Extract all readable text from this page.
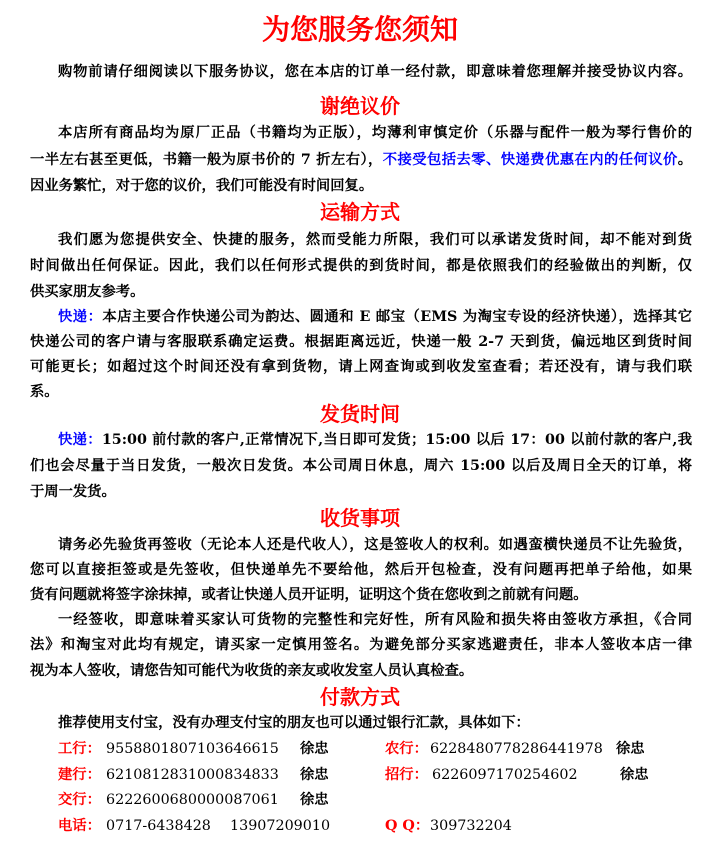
为您服务您须知
购物前请仔细阅读以下服务协议，您在本店的订单一经付款，即意味着您理解并接受协议内容。
谢绝议价
本店所有商品均为原厂正品（书籍均为正版），均薄利审慎定价（乐器与配件一般为琴行售价的
一半左右甚至更低，书籍一般为原书价的 7 折左右），不接受包括去零、快递费优惠在内的任何议价。
因业务繁忙，对于您的议价，我们可能没有时间回复。
运输方式
我们愿为您提供安全、快捷的服务，然而受能力所限，我们可以承诺发货时间，却不能对到货
时间做出任何保证。因此，我们以任何形式提供的到货时间，都是依照我们的经验做出的判断，仅
供买家朋友参考。
快递：本店主要合作快递公司为韵达、圆通和 E 邮宝（EMS 为淘宝专设的经济快递），选择其它
快递公司的客户请与客服联系确定运费。根据距离远近，快递一般 2-7 天到货，偏远地区到货时间
可能更长；如超过这个时间还没有拿到货物，请上网查询或到收发室查看；若还没有，请与我们联
系。
发货时间
快递：15:00 前付款的客户,正常情况下,当日即可发货；15:00 以后 17：00 以前付款的客户,我
们也会尽量于当日发货，一般次日发货。本公司周日休息，周六 15:00 以后及周日全天的订单，将
于周一发货。
收货事项
请务必先验货再签收（无论本人还是代收人），这是签收人的权利。如遇蛮横快递员不让先验货，
您可以直接拒签或是先签收，但快递单先不要给他，然后开包检查，没有问题再把单子给他，如果
货有问题就将签字涂抹掉，或者让快递人员开证明，证明这个货在您收到之前就有问题。
一经签收，即意味着买家认可货物的完整性和完好性，所有风险和损失将由签收方承担，《合同
法》和淘宝对此均有规定，请买家一定慎用签名。为避免部分买家逃避责任，非本人签收本店一律
视为本人签收，请您告知可能代为收货的亲友或收发室人员认真检查。
付款方式
推荐使用支付宝，没有办理支付宝的朋友也可以通过银行汇款，具体如下：
工行： 9558801807103646615 徐忠	农行： 6228480778286441978 徐忠
建行： 6210812831000834833 徐忠	招行： 6226097170254602	徐忠
交行： 6222600680000087061 徐忠
电话： 0717-6438428 13907209010	Q Q： 309732204
